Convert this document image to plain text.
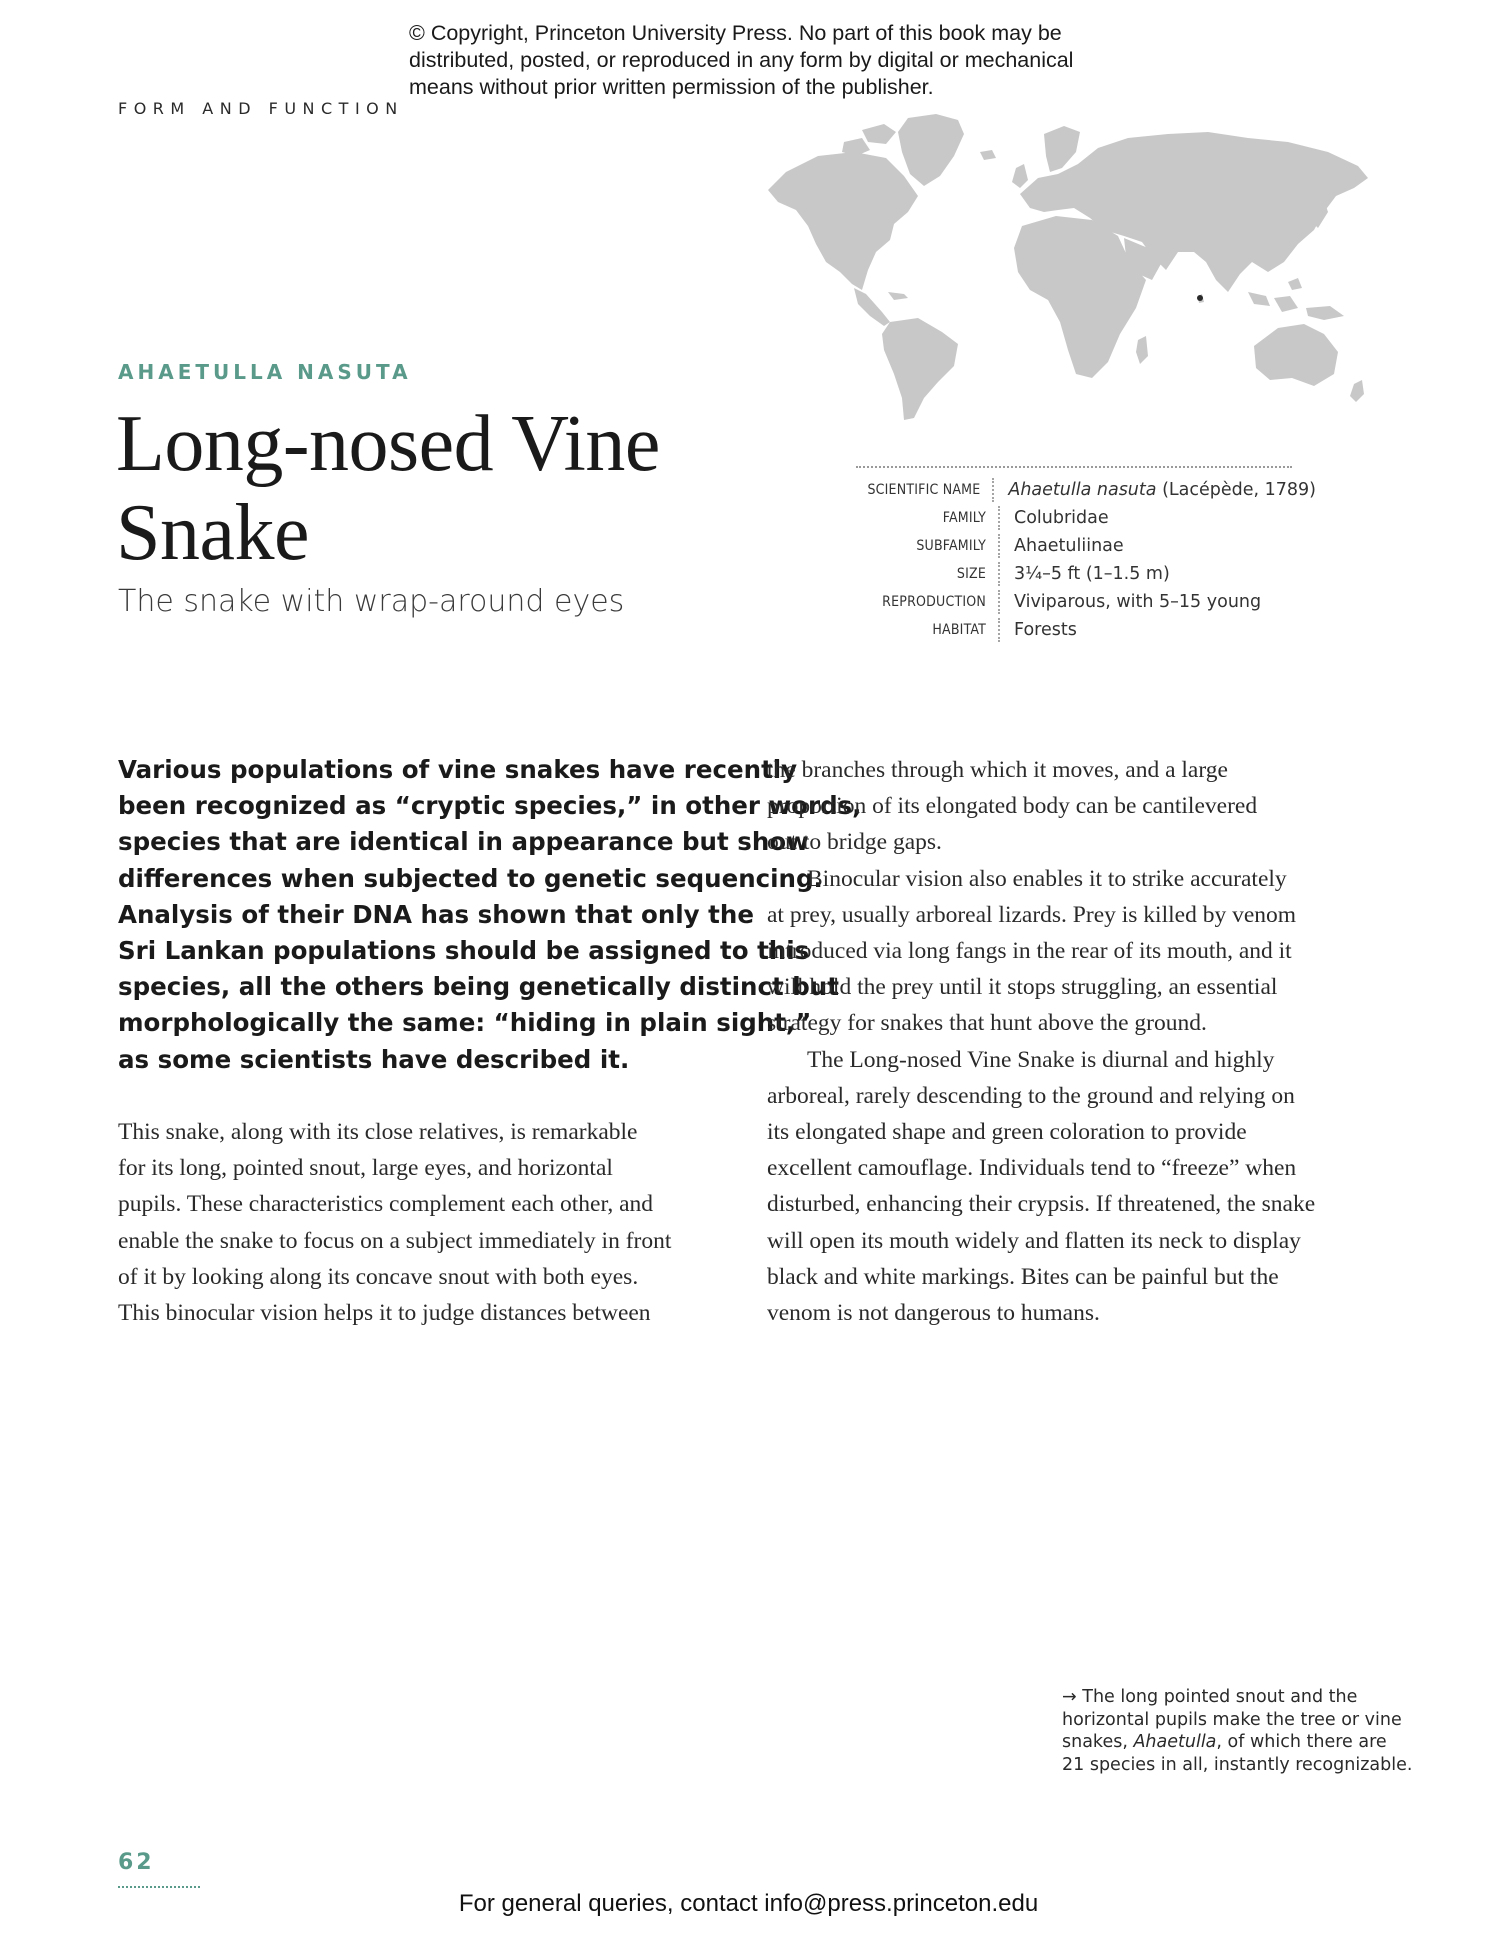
© Copyright, Princeton University Press. No part of this book may be
distributed, posted, or reproduced in any form by digital or mechanical
means without prior written permission of the publisher.
FORM AND FUNCTION
AHAETULLA NASUTA
Long-nosed Vine
Snake
The snake with wrap-around eyes
SCIENTIFIC NAME	Ahaetulla nasuta (Lacépède, 1789)
FAMILY	Colubridae
SUBFAMILY	Ahaetuliinae
SIZE	3¼–5 ft (1–1.5 m)
REPRODUCTION	Viviparous, with 5–15 young
HABITAT	Forests
Various populations of vine snakes have recently
been recognized as “cryptic species,” in other words,
species that are identical in appearance but show
differences when subjected to genetic sequencing.
Analysis of their DNA has shown that only the
Sri Lankan populations should be assigned to this
species, all the others being genetically distinct but
morphologically the same: “hiding in plain sight,”
as some scientists have described it.
This snake, along with its close relatives, is remarkable
for its long, pointed snout, large eyes, and horizontal
pupils. These characteristics complement each other, and
enable the snake to focus on a subject immediately in front
of it by looking along its concave snout with both eyes.
This binocular vision helps it to judge distances between
the branches through which it moves, and a large
proportion of its elongated body can be cantilevered
out to bridge gaps.
Binocular vision also enables it to strike accurately
at prey, usually arboreal lizards. Prey is killed by venom
introduced via long fangs in the rear of its mouth, and it
will hold the prey until it stops struggling, an essential
strategy for snakes that hunt above the ground.
The Long-nosed Vine Snake is diurnal and highly
arboreal, rarely descending to the ground and relying on
its elongated shape and green coloration to provide
excellent camouflage. Individuals tend to “freeze” when
disturbed, enhancing their crypsis. If threatened, the snake
will open its mouth widely and flatten its neck to display
black and white markings. Bites can be painful but the
venom is not dangerous to humans.
→ The long pointed snout and the
horizontal pupils make the tree or vine
snakes, Ahaetulla, of which there are
21 species in all, instantly recognizable.
62
For general queries, contact info@press.princeton.edu
